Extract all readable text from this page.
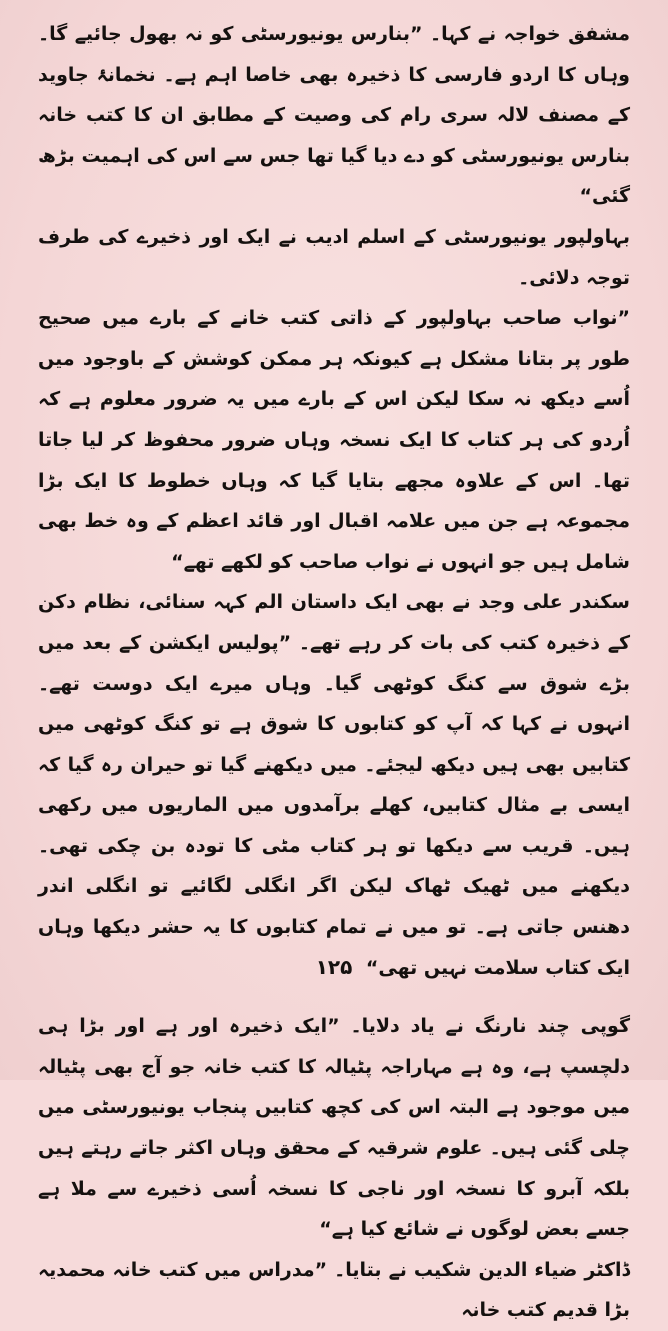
مشفق خواجہ نے کہا۔ ”بنارس یونیورسٹی کو نہ بھول جائیے گا۔ وہاں کا اردو فارسی کا ذخیرہ بھی خاصا اہم ہے۔ نخمانۂ جاوید کے مصنف لالہ سری رام کی وصیت کے مطابق ان کا کتب خانہ بنارس یونیورسٹی کو دے دیا گیا تھا جس سے اس کی اہمیت بڑھ گئی“

بہاولپور یونیورسٹی کے اسلم ادیب نے ایک اور ذخیرے کی طرف توجہ دلائی۔

”نواب صاحب بہاولپور کے ذاتی کتب خانے کے بارے میں صحیح طور پر بتانا مشکل ہے کیونکہ ہر ممکن کوشش کے باوجود میں اُسے دیکھ نہ سکا لیکن اس کے بارے میں یہ ضرور معلوم ہے کہ اُردو کی ہر کتاب کا ایک نسخہ وہاں ضرور محفوظ کر لیا جاتا تھا۔ اس کے علاوہ مجھے بتایا گیا کہ وہاں خطوط کا ایک بڑا مجموعہ ہے جن میں علامہ اقبال اور قائد اعظم کے وہ خط بھی شامل ہیں جو انہوں نے نواب صاحب کو لکھے تھے“

سکندر علی وجد نے بھی ایک داستان الم کہہ سنائی، نظام دکن کے ذخیرہ کتب کی بات کر رہے تھے۔ ”پولیس ایکشن کے بعد میں بڑے شوق سے کنگ کوٹھی گیا۔ وہاں میرے ایک دوست تھے۔ انہوں نے کہا کہ آپ کو کتابوں کا شوق ہے تو کنگ کوٹھی میں کتابیں بھی ہیں دیکھ لیجئے۔ میں دیکھنے گیا تو حیران رہ گیا کہ ایسی بے مثال کتابیں، کھلے برآمدوں میں الماریوں میں رکھی ہیں۔ قریب سے دیکھا تو ہر کتاب مٹی کا تودہ بن چکی تھی۔ دیکھنے میں ٹھیک ٹھاک لیکن اگر انگلی لگائیے تو انگلی اندر دھنس جاتی ہے۔ تو میں نے تمام کتابوں کا یہ حشر دیکھا وہاں ایک کتاب سلامت نہیں تھی“

گوپی چند نارنگ نے یاد دلایا۔ ”ایک ذخیرہ اور ہے اور بڑا ہی دلچسپ ہے، وہ ہے مہاراجہ پٹیالہ کا کتب خانہ جو آج بھی پٹیالہ میں موجود ہے البتہ اس کی کچھ کتابیں پنجاب یونیورسٹی میں چلی گئی ہیں۔ علوم شرقیہ کے محقق وہاں اکثر جاتے رہتے ہیں بلکہ آبرو کا نسخہ اور ناجی کا نسخہ اُسی ذخیرے سے ملا ہے جسے بعض لوگوں نے شائع کیا ہے“

ڈاکٹر ضیاء الدین شکیب نے بتایا۔ ”مدراس میں کتب خانہ محمدیہ بڑا قدیم کتب خانہ

۱۲۵
